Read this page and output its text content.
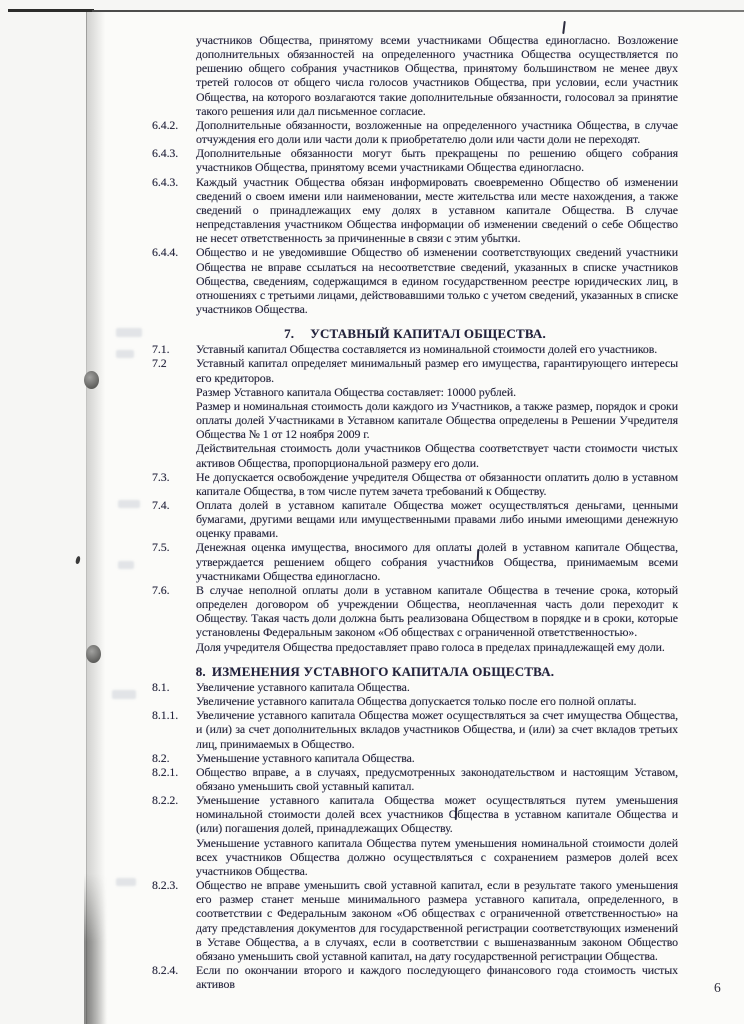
участников Общества, принятому всеми участниками Общества единогласно. Возложение дополнительных обязанностей на определенного участника Общества осуществляется по решению общего собрания участников Общества, принятому большинством не менее двух третей голосов от общего числа голосов участников Общества, при условии, если участник Общества, на которого возлагаются такие дополнительные обязанности, голосовал за принятие такого решения или дал письменное согласие.
6.4.2. Дополнительные обязанности, возложенные на определенного участника Общества, в случае отчуждения его доли или части доли к приобретателю доли или части доли не переходят.
6.4.3. Дополнительные обязанности могут быть прекращены по решению общего собрания участников Общества, принятому всеми участниками Общества единогласно.
6.4.3. Каждый участник Общества обязан информировать своевременно Общество об изменении сведений о своем имени или наименовании, месте жительства или месте нахождения, а также сведений о принадлежащих ему долях в уставном капитале Общества. В случае непредставления участником Общества информации об изменении сведений о себе Общество не несет ответственность за причиненные в связи с этим убытки.
6.4.4. Общество и не уведомившие Общество об изменении соответствующих сведений участники Общества не вправе ссылаться на несоответствие сведений, указанных в списке участников Общества, сведениям, содержащимся в едином государственном реестре юридических лиц, в отношениях с третьими лицами, действовавшими только с учетом сведений, указанных в списке участников Общества.
7. УСТАВНЫЙ КАПИТАЛ ОБЩЕСТВА.
7.1. Уставный капитал Общества составляется из номинальной стоимости долей его участников.
7.2 Уставный капитал определяет минимальный размер его имущества, гарантирующего интересы его кредиторов.
Размер Уставного капитала Общества составляет: 10000 рублей.
Размер и номинальная стоимость доли каждого из Участников, а также размер, порядок и сроки оплаты долей Участниками в Уставном капитале Общества определены в Решении Учредителя Общества № 1 от 12 ноября 2009 г.
Действительная стоимость доли участников Общества соответствует части стоимости чистых активов Общества, пропорциональной размеру его доли.
7.3. Не допускается освобождение учредителя Общества от обязанности оплатить долю в уставном капитале Общества, в том числе путем зачета требований к Обществу.
7.4. Оплата долей в уставном капитале Общества может осуществляться деньгами, ценными бумагами, другими вещами или имущественными правами либо иными имеющими денежную оценку правами.
7.5. Денежная оценка имущества, вносимого для оплаты долей в уставном капитале Общества, утверждается решением общего собрания участников Общества, принимаемым всеми участниками Общества единогласно.
7.6. В случае неполной оплаты доли в уставном капитале Общества в течение срока, который определен договором об учреждении Общества, неоплаченная часть доли переходит к Обществу. Такая часть доли должна быть реализована Обществом в порядке и в сроки, которые установлены Федеральным законом «Об обществах с ограниченной ответственностью».
Доля учредителя Общества предоставляет право голоса в пределах принадлежащей ему доли.
8. ИЗМЕНЕНИЯ УСТАВНОГО КАПИТАЛА ОБЩЕСТВА.
8.1. Увеличение уставного капитала Общества.
Увеличение уставного капитала Общества допускается только после его полной оплаты.
8.1.1. Увеличение уставного капитала Общества может осуществляться за счет имущества Общества, и (или) за счет дополнительных вкладов участников Общества, и (или) за счет вкладов третьих лиц, принимаемых в Общество.
8.2. Уменьшение уставного капитала Общества.
8.2.1. Общество вправе, а в случаях, предусмотренных законодательством и настоящим Уставом, обязано уменьшить свой уставный капитал.
8.2.2. Уменьшение уставного капитала Общества может осуществляться путем уменьшения номинальной стоимости долей всех участников Общества в уставном капитале Общества и (или) погашения долей, принадлежащих Обществу.
Уменьшение уставного капитала Общества путем уменьшения номинальной стоимости долей всех участников Общества должно осуществляться с сохранением размеров долей всех участников Общества.
8.2.3. Общество не вправе уменьшить свой уставной капитал, если в результате такого уменьшения его размер станет меньше минимального размера уставного капитала, определенного, в соответствии с Федеральным законом «Об обществах с ограниченной ответственностью» на дату представления документов для государственной регистрации соответствующих изменений в Уставе Общества, а в случаях, если в соответствии с вышеназванным законом Общество обязано уменьшить свой уставной капитал, на дату государственной регистрации Общества.
8.2.4. Если по окончании второго и каждого последующего финансового года стоимость чистых активов	6
